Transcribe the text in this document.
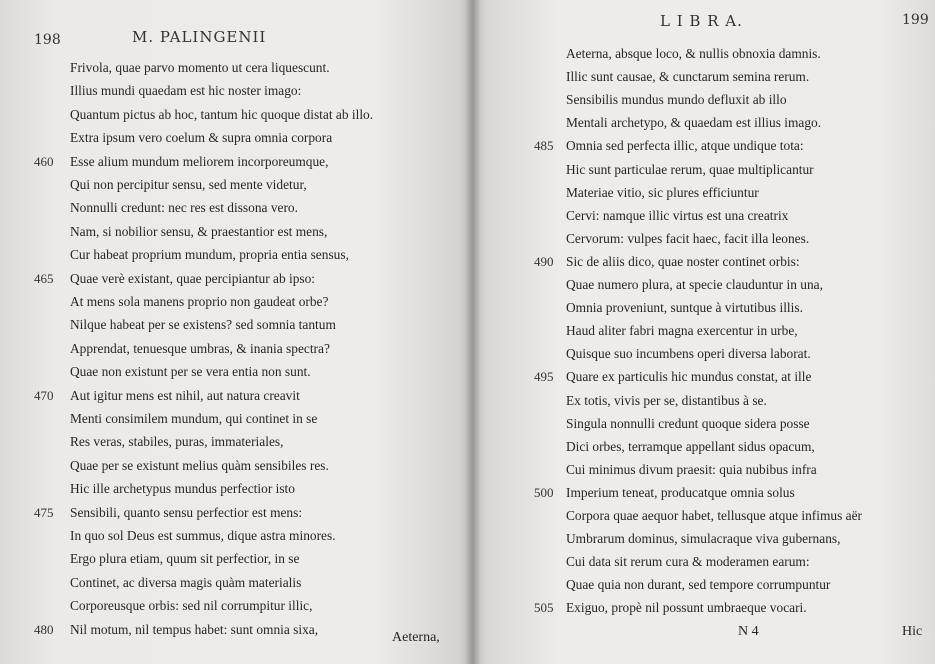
198	M. PALINGENII
Frivola, quae parvo momento ut cera liquescunt.
Illius mundi quaedam est hic noster imago:
Quantum pictus ab hoc, tantum hic quoque distat ab illo.
Extra ipsum vero coelum & supra omnia corpora
Esse alium mundum meliorem incorporeumque,
Qui non percipitur sensu, sed mente videtur,
Nonnulli credunt: nec res est dissona vero.
Nam, si nobilior sensu, & praestantior est mens,
Cur habeat proprium mundum, propria entia sensus,
Quae verè existant, quae percipiantur ab ipso:
At mens sola manens proprio non gaudeat orbe?
Nilque habeat per se existens? sed somnia tantum
Apprendat, tenuesque umbras, & inania spectra?
Quae non existunt per se vera entia non sunt.
Aut igitur mens est nihil, aut natura creavit
Menti consimilem mundum, qui continet in se
Res veras, stabiles, puras, immateriales,
Quae per se existunt melius quàm sensibiles res.
Hic ille archetypus mundus perfectior isto
Sensibili, quanto sensu perfectior est mens:
In quo sol Deus est summus, dique astra minores.
Ergo plura etiam, quum sit perfectior, in se
Continet, ac diversa magis quàm materialis
Corporeusque orbis: sed nil corrumpitur illic,
Nil motum, nil tempus habet: sunt omnia sixa,
460
465
470
475
480
Aeterna,
L I B R A.	199
Aeterna, absque loco, & nullis obnoxia damnis.
Illic sunt causae, & cunctarum semina rerum.
Sensibilis mundus mundo defluxit ab illo
Mentali archetypo, & quaedam est illius imago.
Omnia sed perfecta illic, atque undique tota:
Hic sunt particulae rerum, quae multiplicantur
Materiae vitio, sic plures efficiuntur
Cervi: namque illic virtus est una creatrix
Cervorum: vulpes facit haec, facit illa leones.
Sic de aliis dico, quae noster continet orbis:
Quae numero plura, at specie clauduntur in una,
Omnia proveniunt, suntque à virtutibus illis.
Haud aliter fabri magna exercentur in urbe,
Quisque suo incumbens operi diversa laborat.
Quare ex particulis hic mundus constat, at ille
Ex totis, vivis per se, distantibus à se.
Singula nonnulli credunt quoque sidera posse
Dici orbes, terramque appellant sidus opacum,
Cui minimus divum praesit: quia nubibus infra
Imperium teneat, producatque omnia solus
Corpora quae aequor habet, tellusque atque infimus aër
Umbrarum dominus, simulacraque viva gubernans,
Cui data sit rerum cura & moderamen earum:
Quae quia non durant, sed tempore corrumpuntur
Exiguo, propè nil possunt umbraeque vocari.
485
490
495
500
505
N 4	Hic
